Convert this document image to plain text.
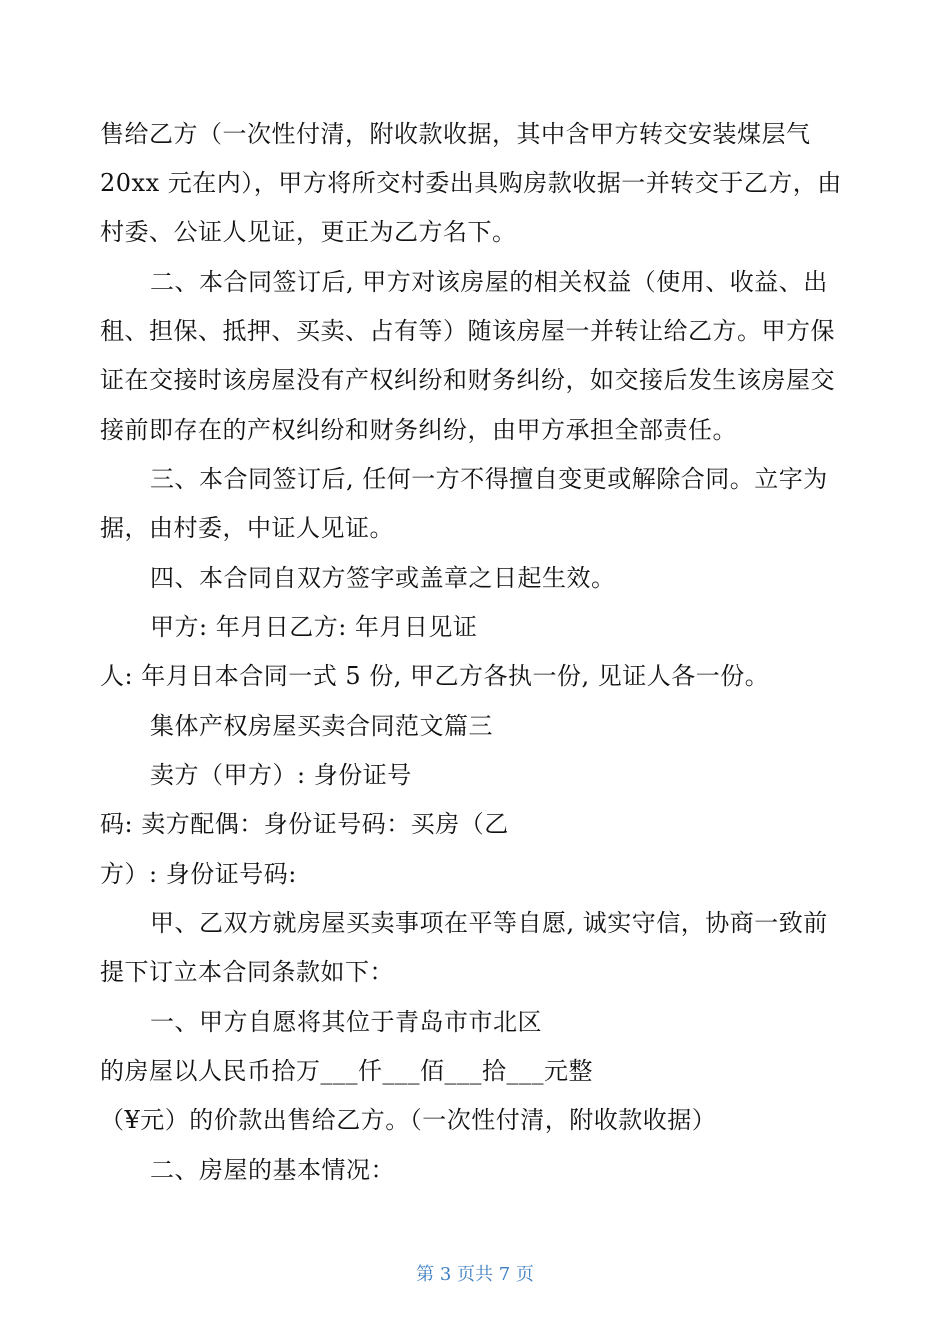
售给乙方（一次性付清，附收款收据，其中含甲方转交安装煤层气
20xx 元在内），甲方将所交村委出具购房款收据一并转交于乙方，由
村委、公证人见证，更正为乙方名下。
二、本合同签订后, 甲方对该房屋的相关权益（使用、收益、出
租、担保、抵押、买卖、占有等）随该房屋一并转让给乙方。甲方保
证在交接时该房屋没有产权纠纷和财务纠纷，如交接后发生该房屋交
接前即存在的产权纠纷和财务纠纷，由甲方承担全部责任。
三、本合同签订后, 任何一方不得擅自变更或解除合同。立字为
据，由村委，中证人见证。
四、本合同自双方签字或盖章之日起生效。
甲方: 年月日乙方: 年月日见证
人: 年月日本合同一式 5 份, 甲乙方各执一份, 见证人各一份。
集体产权房屋买卖合同范文篇三
卖方（甲方）: 身份证号
码: 卖方配偶：身份证号码：买房（乙
方）: 身份证号码:
甲、乙双方就房屋买卖事项在平等自愿, 诚实守信，协商一致前
提下订立本合同条款如下：
一、甲方自愿将其位于青岛市市北区
的房屋以人民币拾万___仟___佰___拾___元整
（¥元）的价款出售给乙方。（一次性付清，附收款收据）
二、房屋的基本情况：
第 3 页共 7 页
